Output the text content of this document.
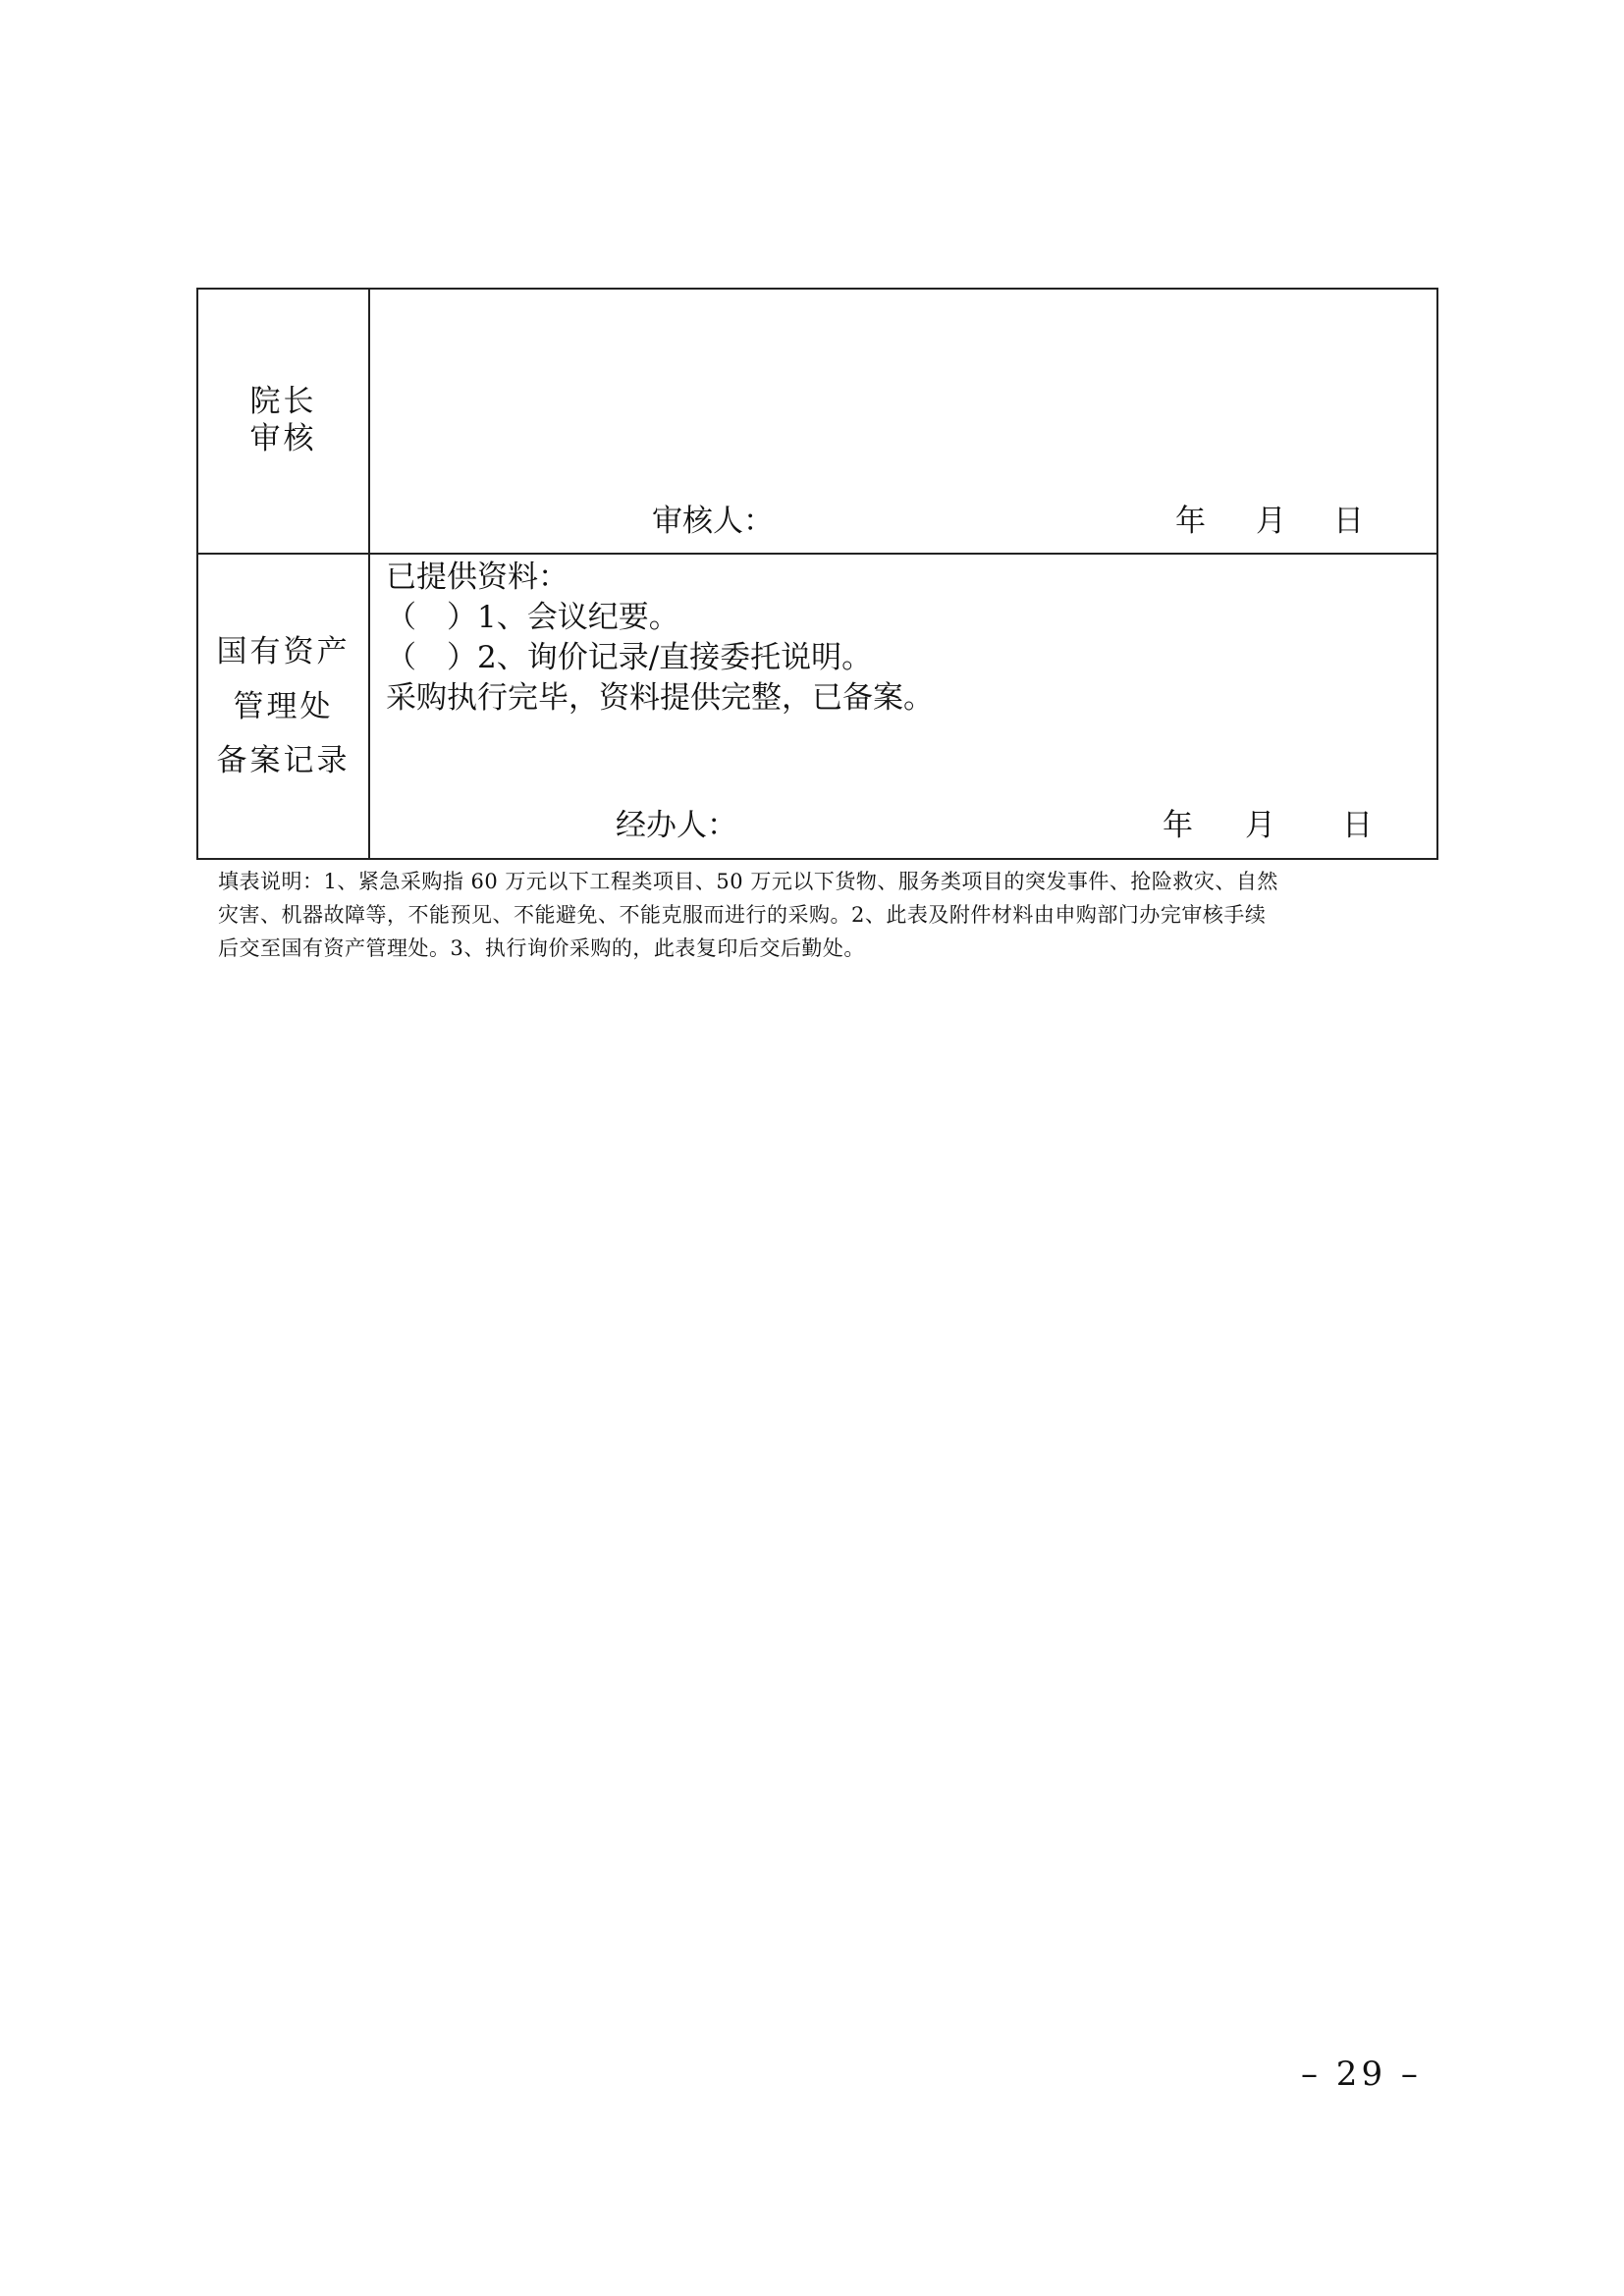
院长
审核
审核人：	年 月 日
国有资产
管理处
备案记录
已提供资料：
（　）1、会议纪要。
（　）2、询价记录/直接委托说明。
采购执行完毕，资料提供完整，已备案。
经办人：	年 月 日
填表说明：1、紧急采购指 60 万元以下工程类项目、50 万元以下货物、服务类项目的突发事件、抢险救灾、自然
灾害、机器故障等，不能预见、不能避免、不能克服而进行的采购。2、此表及附件材料由申购部门办完审核手续
后交至国有资产管理处。3、执行询价采购的，此表复印后交后勤处。
– 29 –
